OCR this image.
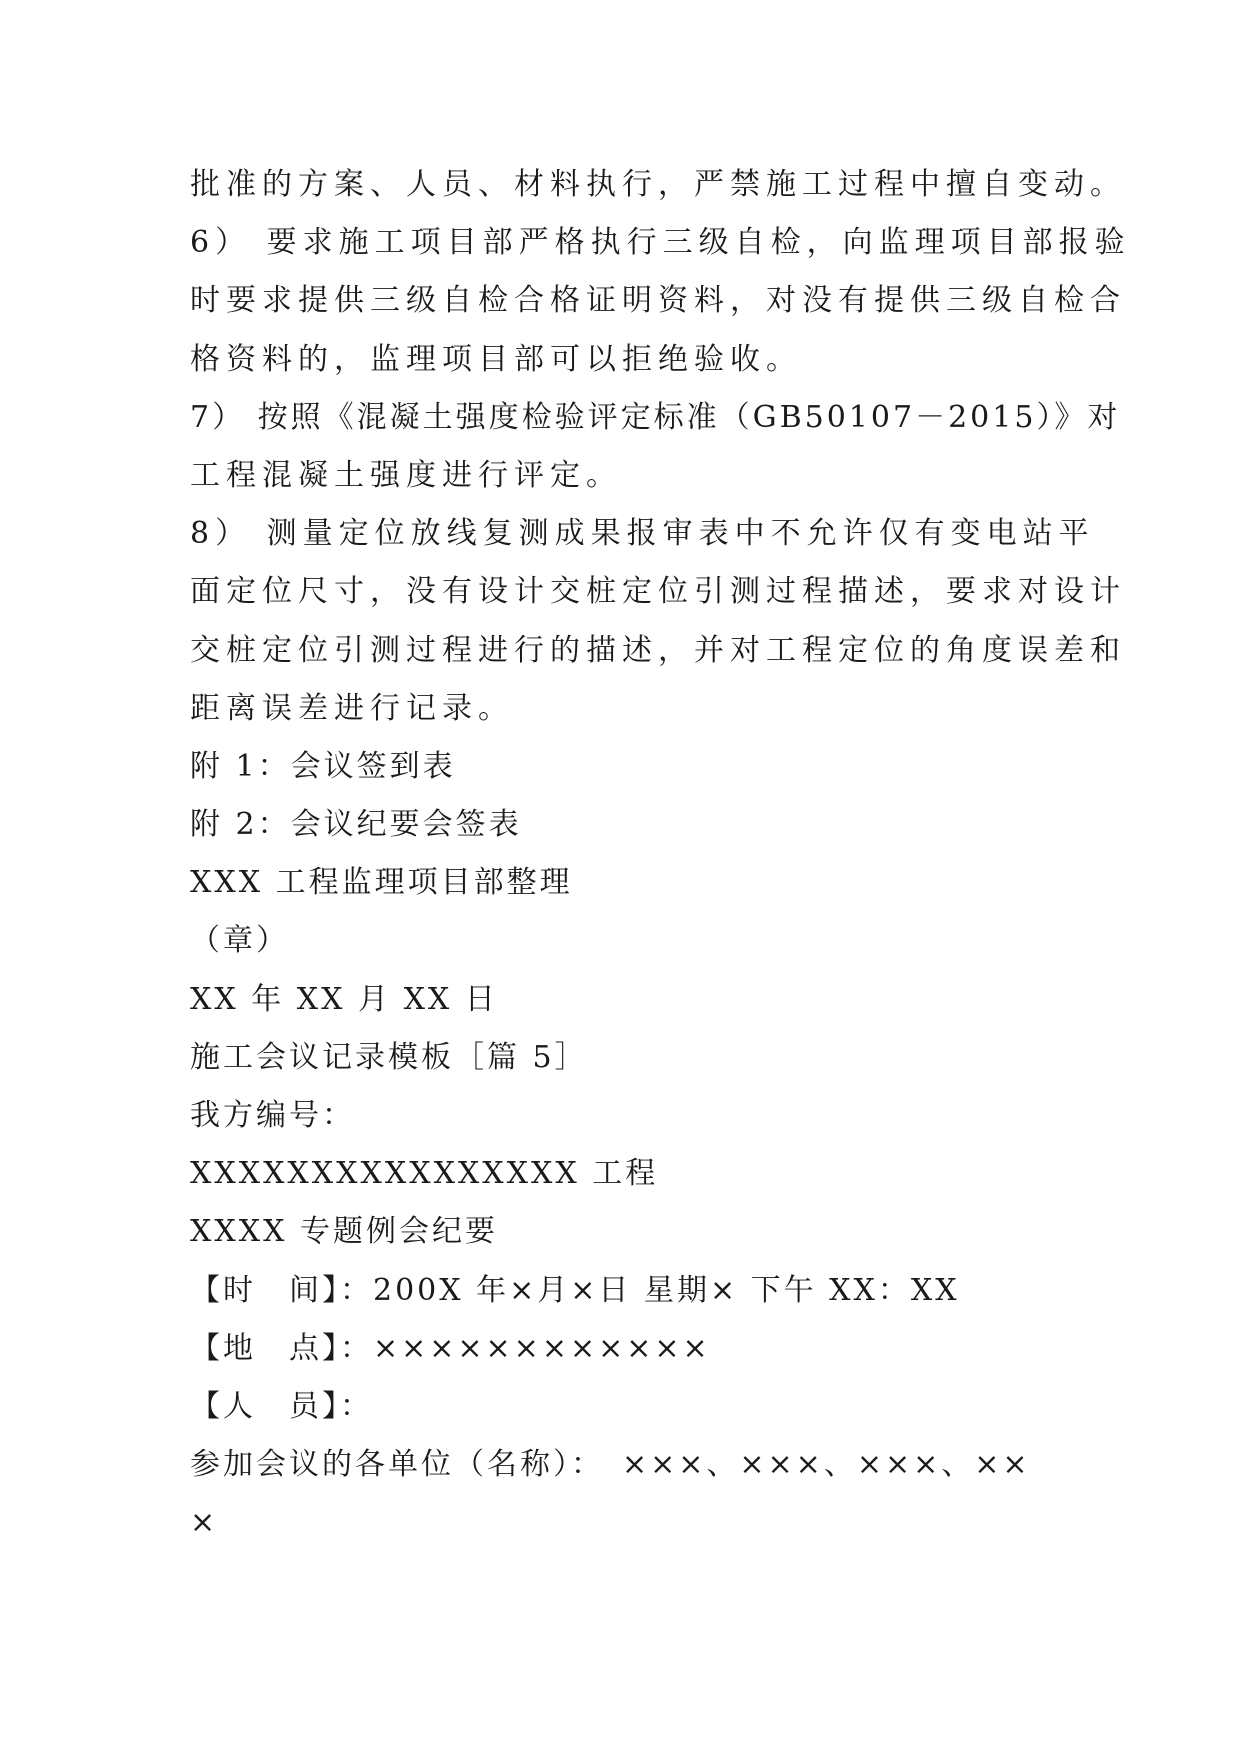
批准的方案、人员、材料执行，严禁施工过程中擅自变动。
6） 要求施工项目部严格执行三级自检，向监理项目部报验
时要求提供三级自检合格证明资料，对没有提供三级自检合
格资料的，监理项目部可以拒绝验收。
7） 按照《混凝土强度检验评定标准（GB50107－2015）》对
工程混凝土强度进行评定。
8） 测量定位放线复测成果报审表中不允许仅有变电站平
面定位尺寸，没有设计交桩定位引测过程描述，要求对设计
交桩定位引测过程进行的描述，并对工程定位的角度误差和
距离误差进行记录。
附 1：会议签到表
附 2：会议纪要会签表
XXX 工程监理项目部整理
（章）
XX 年 XX 月 XX 日
施工会议记录模板［篇 5］
我方编号：
XXXXXXXXXXXXXXXX 工程
XXXX 专题例会纪要
【时　间】：200X 年×月×日 星期× 下午 XX：XX
【地　点】：××××××××××××
【人　员】：
参加会议的各单位（名称）：　×××、×××、×××、××
×
